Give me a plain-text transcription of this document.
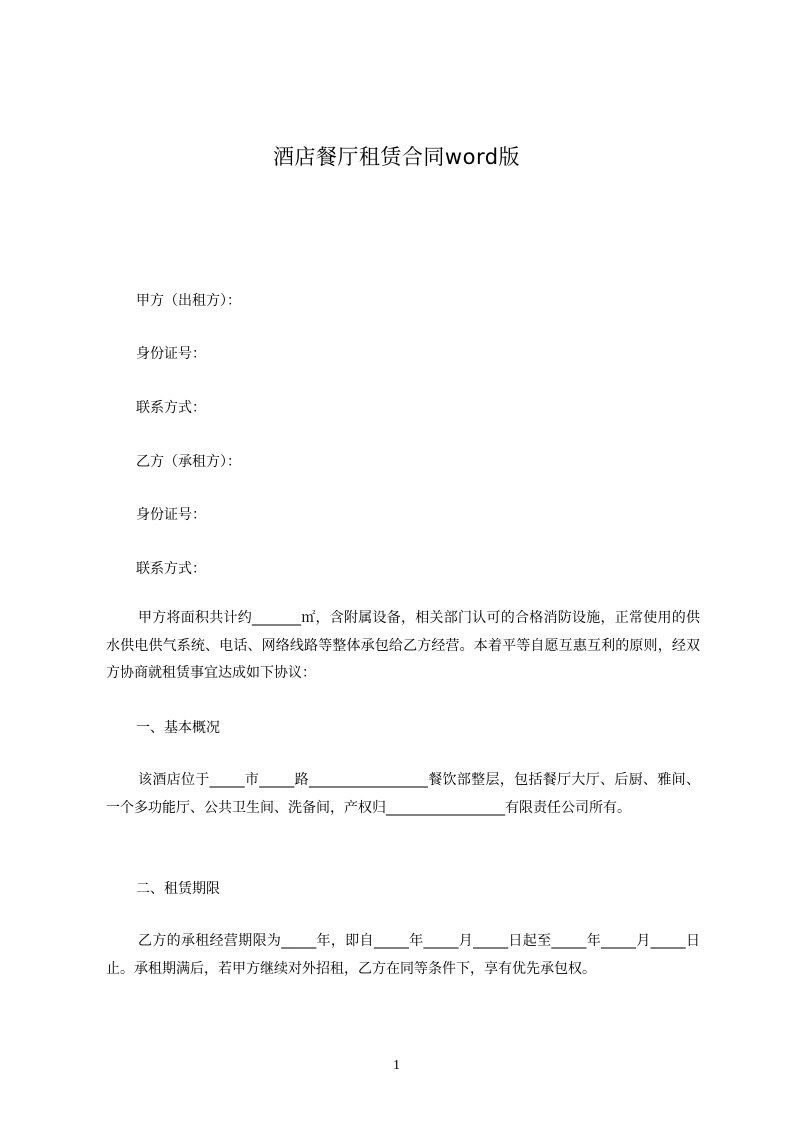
酒店餐厅租赁合同word版
甲方（出租方）：
身份证号：
联系方式：
乙方（承租方）：
身份证号：
联系方式：
甲方将面积共计约_______㎡，含附属设备，相关部门认可的合格消防设施，正常使用的供水供电供气系统、电话、网络线路等整体承包给乙方经营。本着平等自愿互惠互利的原则，经双方协商就租赁事宜达成如下协议：
一、基本概况
该酒店位于_____市_____路_________________餐饮部整层，包括餐厅大厅、后厨、雅间、一个多功能厅、公共卫生间、洗备间，产权归_________________有限责任公司所有。
二、租赁期限
乙方的承租经营期限为_____年，即自_____年_____月_____日起至_____年_____月_____日止。承租期满后，若甲方继续对外招租，乙方在同等条件下，享有优先承包权。
1
